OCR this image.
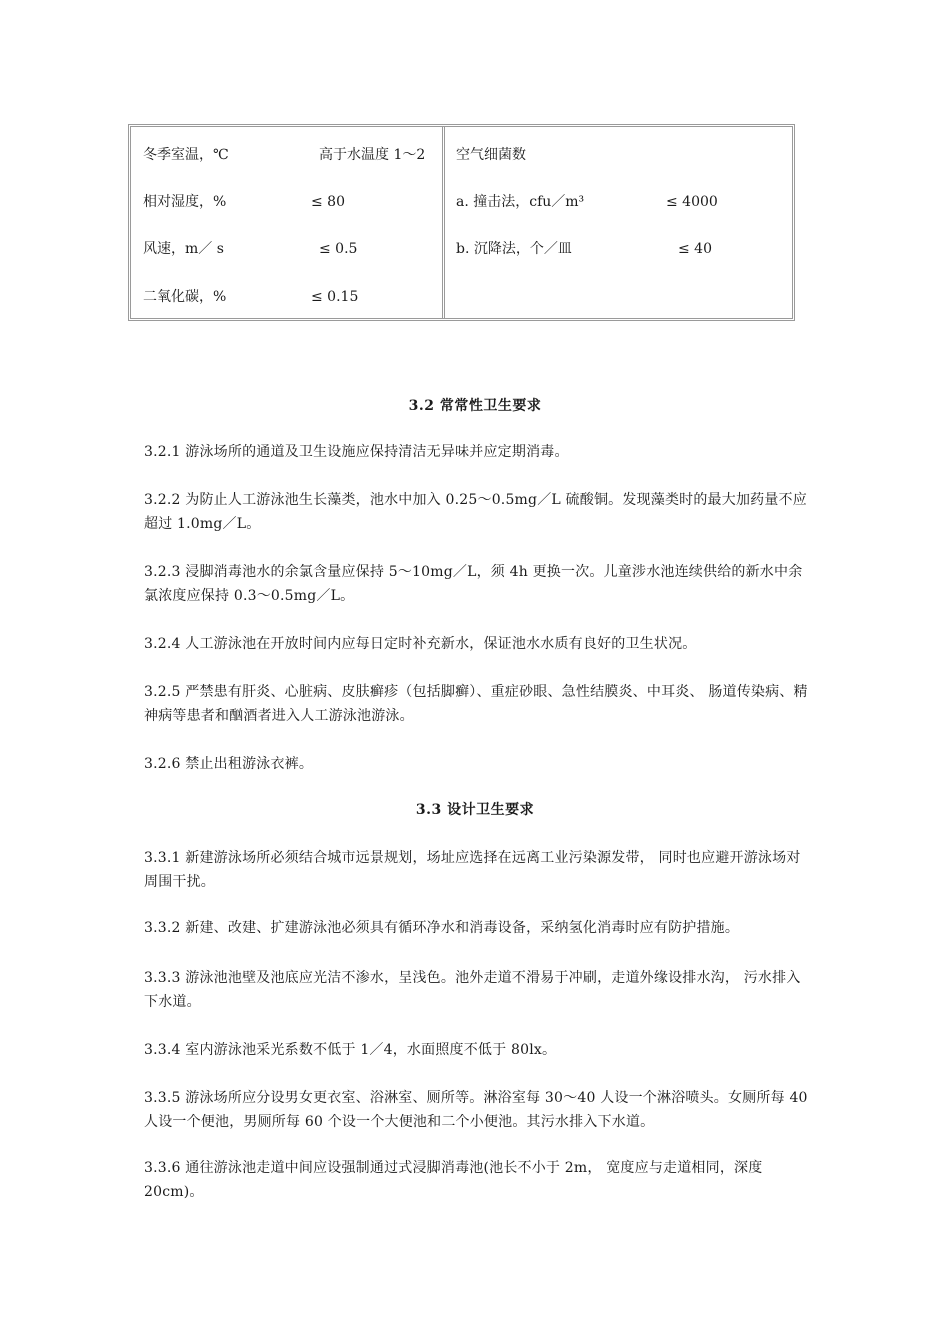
冬季室温，℃	高于水温度 1～2
相对湿度，%	≤ 80
风速，m／ s	≤ 0.5
二氧化碳，%	≤ 0.15
空气细菌数
a. 撞击法，cfu／m³	≤ 4000
b. 沉降法，个／皿	≤ 40
3.2 常常性卫生要求
3.2.1 游泳场所的通道及卫生设施应保持清洁无异味并应定期消毒。
3.2.2 为防止人工游泳池生长藻类，池水中加入 0.25～0.5mg／L 硫酸铜。发现藻类时的最大加药量不应超过 1.0mg／L。
3.2.3 浸脚消毒池水的余氯含量应保持 5～10mg／L，须 4h 更换一次。儿童涉水池连续供给的新水中余氯浓度应保持 0.3～0.5mg／L。
3.2.4 人工游泳池在开放时间内应每日定时补充新水，保证池水水质有良好的卫生状况。
3.2.5 严禁患有肝炎、心脏病、皮肤癣疹（包括脚癣）、重症砂眼、急性结膜炎、中耳炎、 肠道传染病、精神病等患者和酗酒者进入人工游泳池游泳。
3.2.6 禁止出租游泳衣裤。
3.3 设计卫生要求
3.3.1 新建游泳场所必须结合城市远景规划，场址应选择在远离工业污染源发带， 同时也应避开游泳场对周围干扰。
3.3.2 新建、改建、扩建游泳池必须具有循环净水和消毒设备，采纳氢化消毒时应有防护措施。
3.3.3 游泳池池壁及池底应光洁不渗水，呈浅色。池外走道不滑易于冲刷，走道外缘设排水沟， 污水排入下水道。
3.3.4 室内游泳池采光系数不低于 1／4，水面照度不低于 80lx。
3.3.5 游泳场所应分设男女更衣室、浴淋室、厕所等。淋浴室每 30～40 人设一个淋浴喷头。女厕所每 40 人设一个便池，男厕所每 60 个设一个大便池和二个小便池。其污水排入下水道。
3.3.6 通往游泳池走道中间应设强制通过式浸脚消毒池(池长不小于 2m， 宽度应与走道相同，深度 20cm)。
